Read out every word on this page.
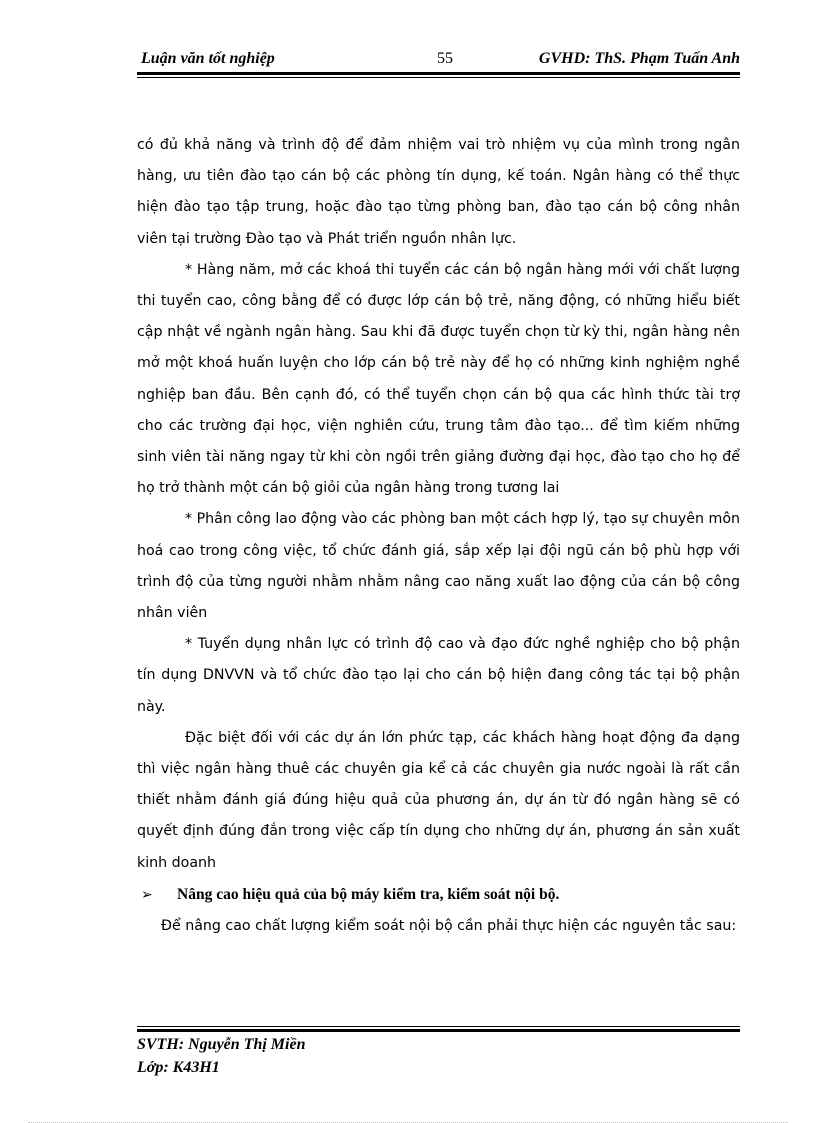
Luận văn tốt nghiệp	55	GVHD: ThS. Phạm Tuấn Anh

có đủ khả năng và trình độ để đảm nhiệm vai trò nhiệm vụ của mình trong ngân hàng, ưu tiên đào tạo cán bộ các phòng tín dụng, kế toán. Ngân hàng có thể thực hiện đào tạo tập trung, hoặc đào tạo từng phòng ban, đào tạo cán bộ công nhân viên tại trường Đào tạo và Phát triển nguồn nhân lực.

* Hàng năm, mở các khoá thi tuyển các cán bộ ngân hàng mới với chất lượng thi tuyển cao, công bằng để có được lớp cán bộ trẻ, năng động, có những hiểu biết cập nhật về ngành ngân hàng. Sau khi đã được tuyển chọn từ kỳ thi, ngân hàng nên mở một khoá huấn luyện cho lớp cán bộ trẻ này để họ có những kinh nghiệm nghề nghiệp ban đầu. Bên cạnh đó, có thể tuyển chọn cán bộ qua các hình thức tài trợ cho các trường đại học, viện nghiên cứu, trung tâm đào tạo... để tìm kiếm những sinh viên tài năng ngay từ khi còn ngồi trên giảng đường đại học, đào tạo cho họ để họ trở thành một cán bộ giỏi của ngân hàng trong tương lai

* Phân công lao động vào các phòng ban một cách hợp lý, tạo sự chuyên môn hoá cao trong công việc, tổ chức đánh giá, sắp xếp lại đội ngũ cán bộ phù hợp với trình độ của từng người nhằm nhằm nâng cao năng xuất lao động của cán bộ công nhân viên

* Tuyển dụng nhân lực có trình độ cao và đạo đức nghề nghiệp cho bộ phận tín dụng DNVVN và tổ chức đào tạo lại cho cán bộ hiện đang công tác tại bộ phận này.

Đặc biệt đối với các dự án lớn phức tạp, các khách hàng hoạt động đa dạng thì việc ngân hàng thuê các chuyên gia kể cả các chuyên gia nước ngoài là rất cần thiết nhằm đánh giá đúng hiệu quả của phương án, dự án từ đó ngân hàng sẽ có quyết định đúng đắn trong việc cấp tín dụng cho những dự án, phương án sản xuất kinh doanh

➢ Nâng cao hiệu quả của bộ máy kiểm tra, kiểm soát nội bộ.

Để nâng cao chất lượng kiểm soát nội bộ cần phải thực hiện các nguyên tắc sau:

SVTH: Nguyễn Thị Miền
Lớp: K43H1
